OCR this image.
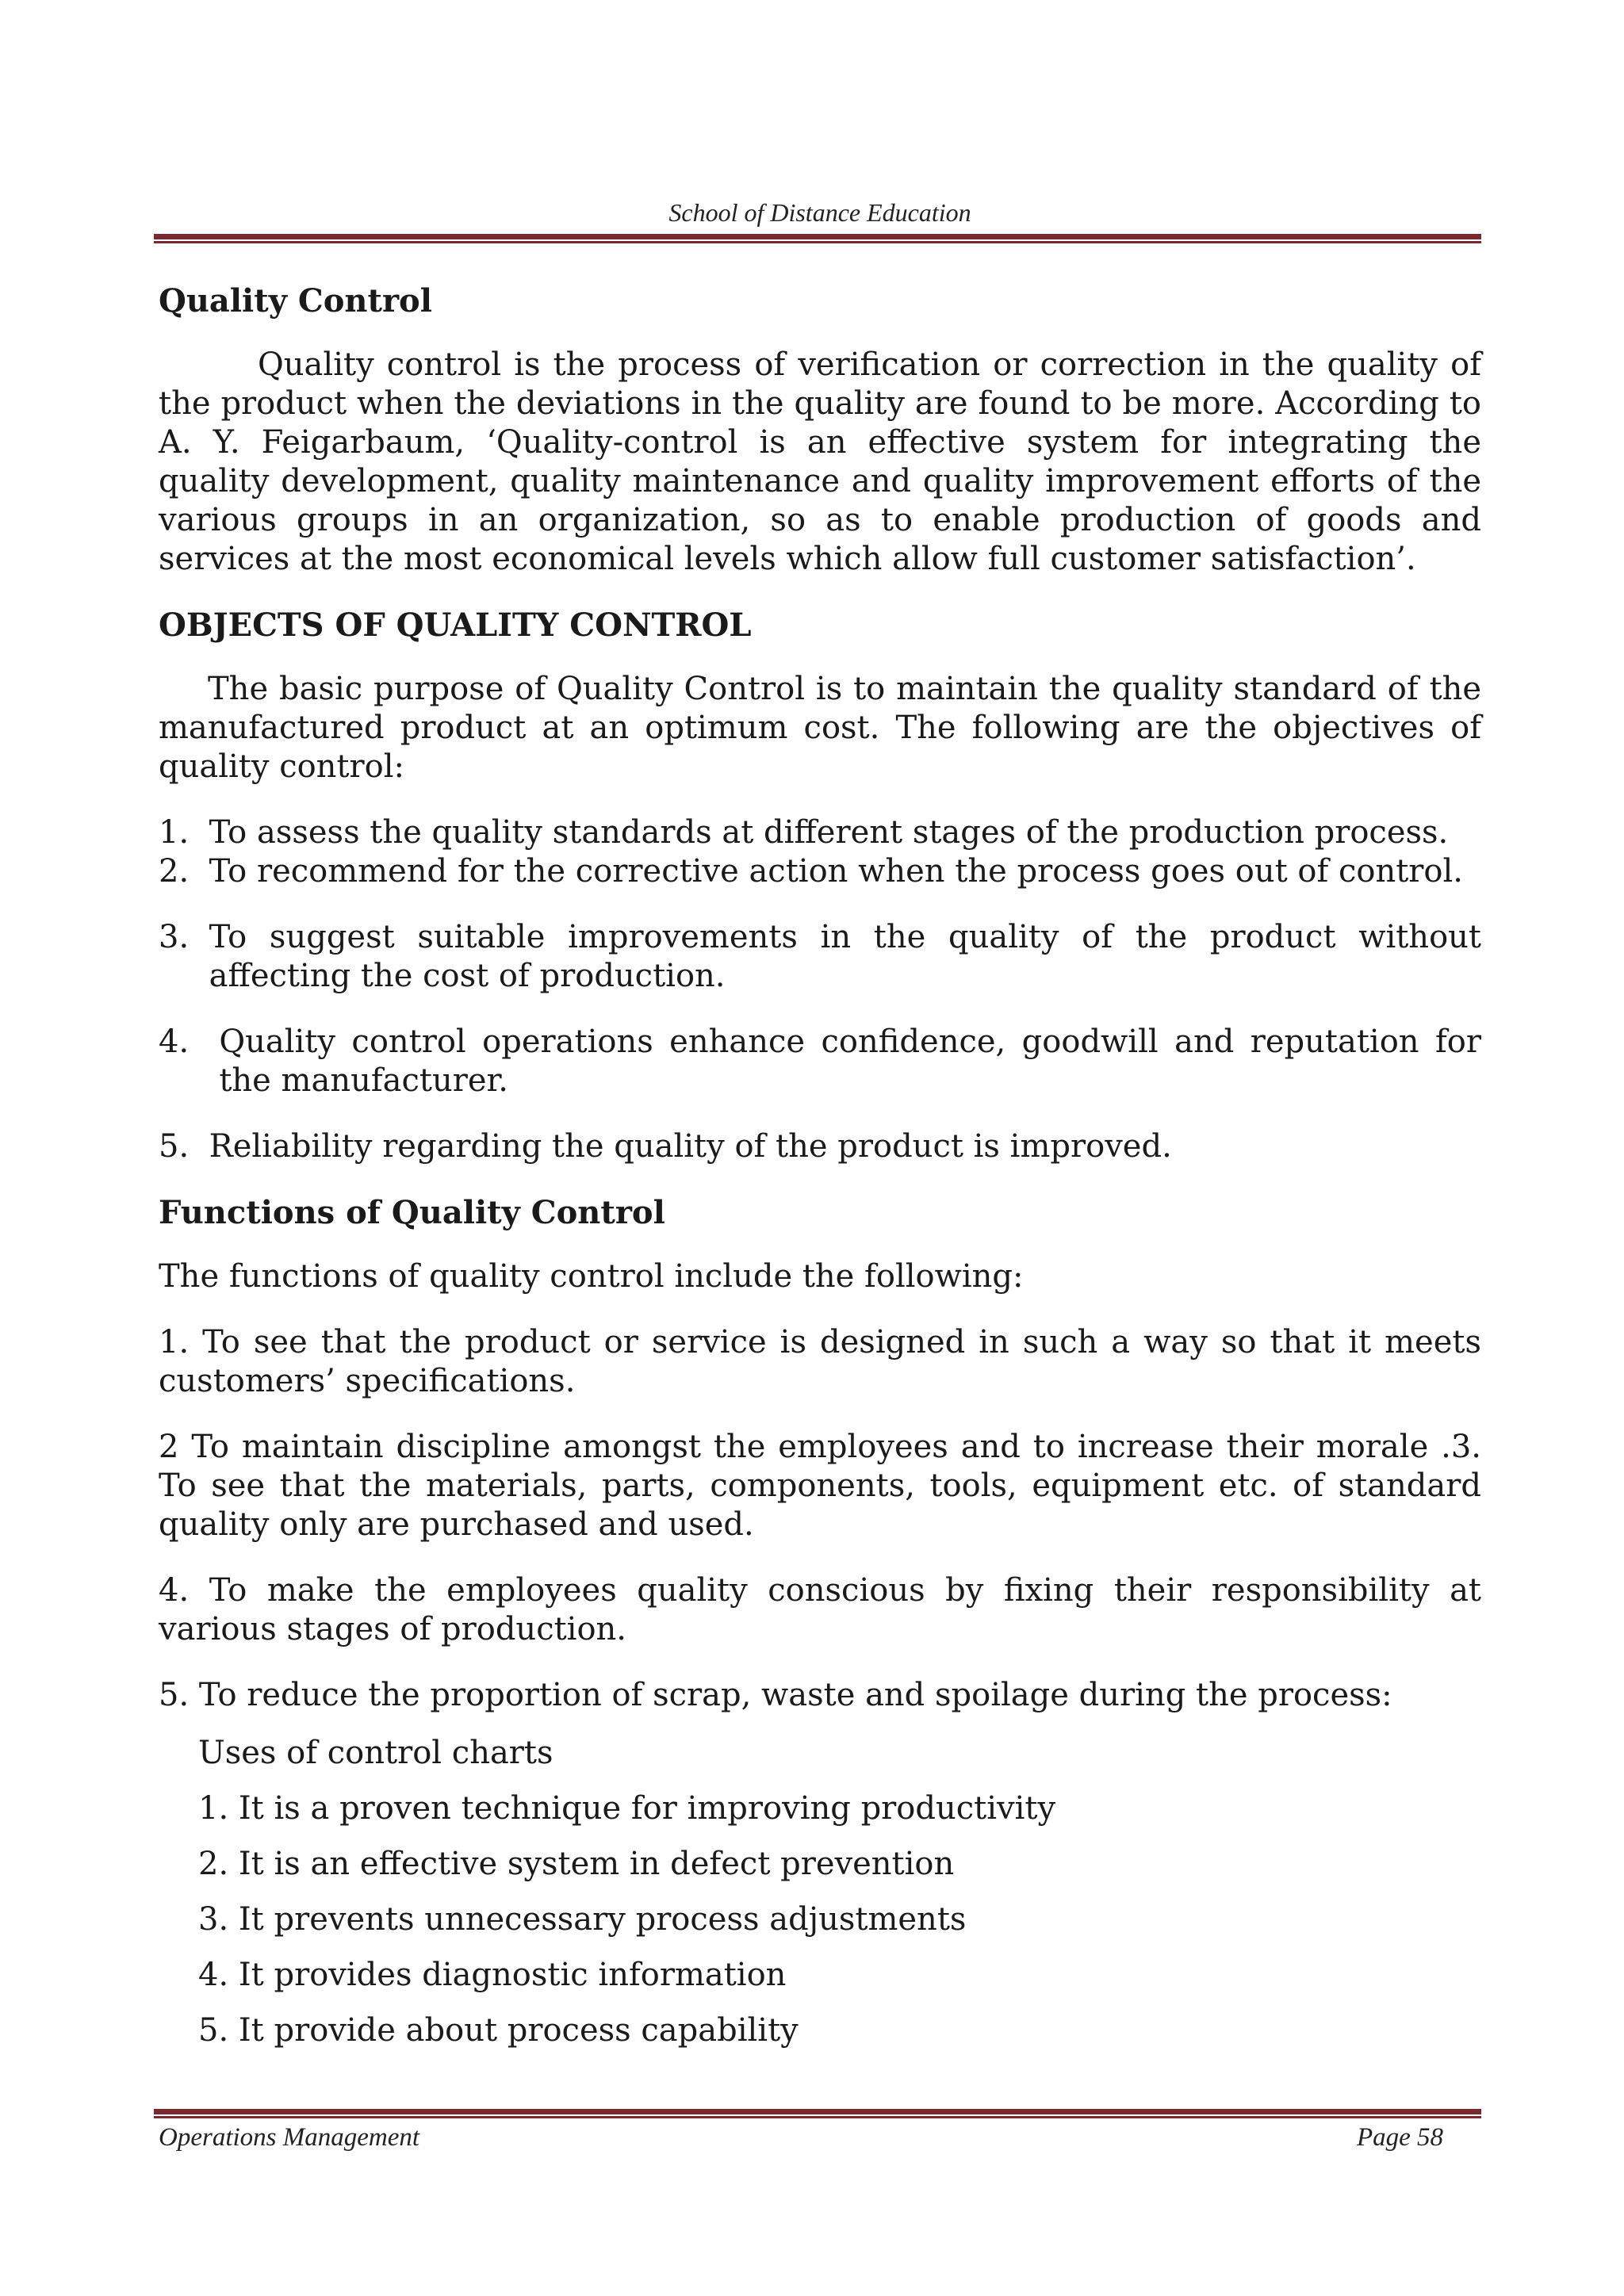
School of Distance Education
Quality Control

Quality control is the process of verification or correction in the quality of the product when the deviations in the quality are found to be more. According to A. Y. Feigarbaum, ‘Quality-control is an effective system for integrating the quality development, quality maintenance and quality improvement efforts of the various groups in an organization, so as to enable production of goods and services at the most economical levels which allow full customer satisfaction’.

OBJECTS OF QUALITY CONTROL

The basic purpose of Quality Control is to maintain the quality standard of the manufactured product at an optimum cost. The following are the objectives of quality control:

1. To assess the quality standards at different stages of the production process.
2. To recommend for the corrective action when the process goes out of control.
3. To suggest suitable improvements in the quality of the product without affecting the cost of production.
4. Quality control operations enhance confidence, goodwill and reputation for the manufacturer.
5. Reliability regarding the quality of the product is improved.
Functions of Quality Control

The functions of quality control include the following:

1. To see that the product or service is designed in such a way so that it meets customers’ specifications.

2 To maintain discipline amongst the employees and to increase their morale .3. To see that the materials, parts, components, tools, equipment etc. of standard quality only are purchased and used.

4. To make the employees quality conscious by fixing their responsibility at various stages of production.

5. To reduce the proportion of scrap, waste and spoilage during the process:

Uses of control charts
1. It is a proven technique for improving productivity
2. It is an effective system in defect prevention
3. It prevents unnecessary process adjustments
4. It provides diagnostic information
5. It provide about process capability
Operations Management	Page 58
